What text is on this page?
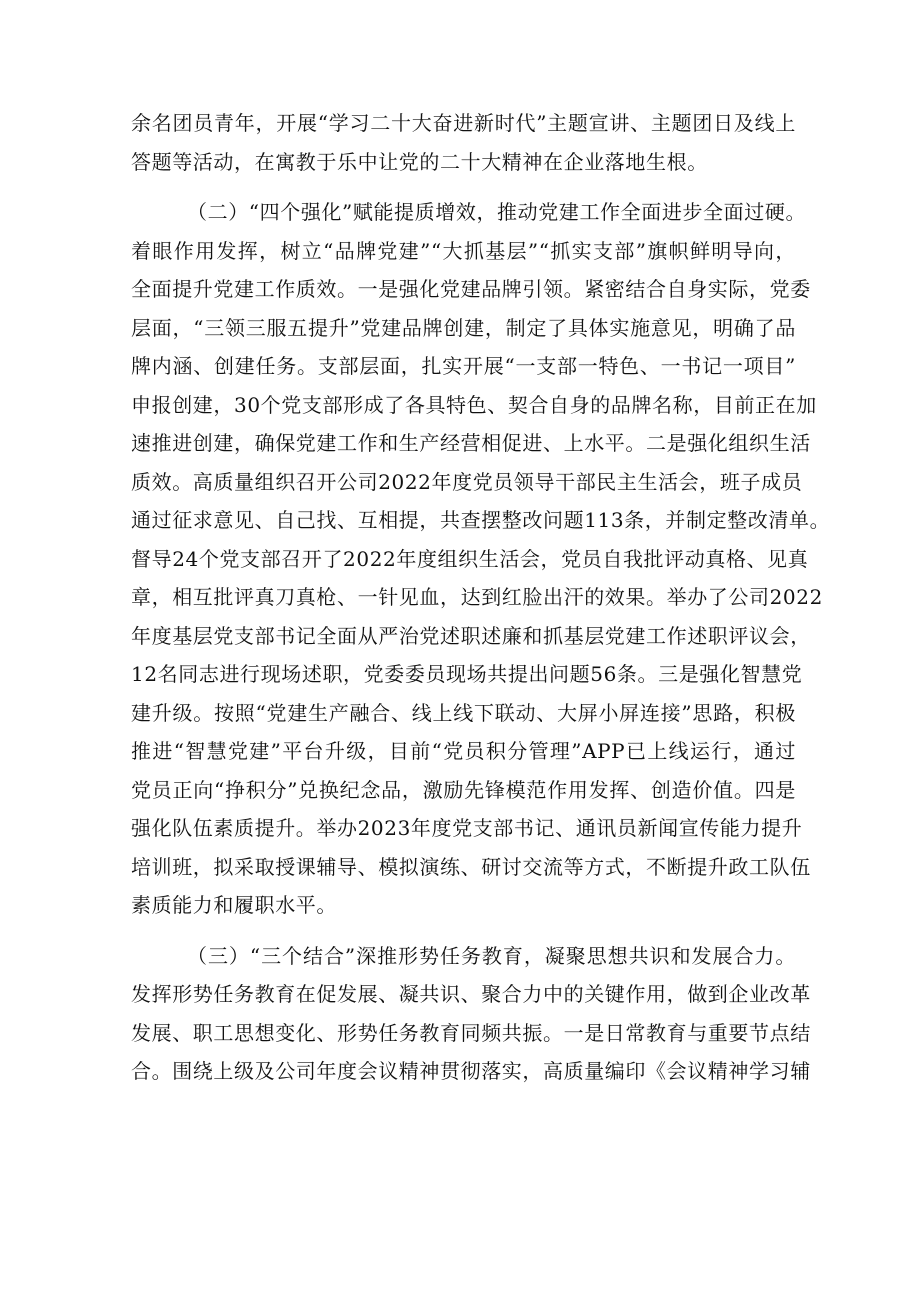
余名团员青年，开展“学习二十大奋进新时代”主题宣讲、主题团日及线上
答题等活动，在寓教于乐中让党的二十大精神在企业落地生根。
（二）“四个强化”赋能提质增效，推动党建工作全面进步全面过硬。
着眼作用发挥，树立“品牌党建”“大抓基层”“抓实支部”旗帜鲜明导向，
全面提升党建工作质效。一是强化党建品牌引领。紧密结合自身实际，党委
层面，“三领三服五提升”党建品牌创建，制定了具体实施意见，明确了品
牌内涵、创建任务。支部层面，扎实开展“一支部一特色、一书记一项目”
申报创建，30个党支部形成了各具特色、契合自身的品牌名称，目前正在加
速推进创建，确保党建工作和生产经营相促进、上水平。二是强化组织生活
质效。高质量组织召开公司2022年度党员领导干部民主生活会，班子成员
通过征求意见、自己找、互相提，共查摆整改问题113条，并制定整改清单。
督导24个党支部召开了2022年度组织生活会，党员自我批评动真格、见真
章，相互批评真刀真枪、一针见血，达到红脸出汗的效果。举办了公司2022
年度基层党支部书记全面从严治党述职述廉和抓基层党建工作述职评议会，
12名同志进行现场述职，党委委员现场共提出问题56条。三是强化智慧党
建升级。按照“党建生产融合、线上线下联动、大屏小屏连接”思路，积极
推进“智慧党建”平台升级，目前“党员积分管理”APP已上线运行，通过
党员正向“挣积分”兑换纪念品，激励先锋模范作用发挥、创造价值。四是
强化队伍素质提升。举办2023年度党支部书记、通讯员新闻宣传能力提升
培训班，拟采取授课辅导、模拟演练、研讨交流等方式，不断提升政工队伍
素质能力和履职水平。
（三）“三个结合”深推形势任务教育，凝聚思想共识和发展合力。
发挥形势任务教育在促发展、凝共识、聚合力中的关键作用，做到企业改革
发展、职工思想变化、形势任务教育同频共振。一是日常教育与重要节点结
合。围绕上级及公司年度会议精神贯彻落实，高质量编印《会议精神学习辅
